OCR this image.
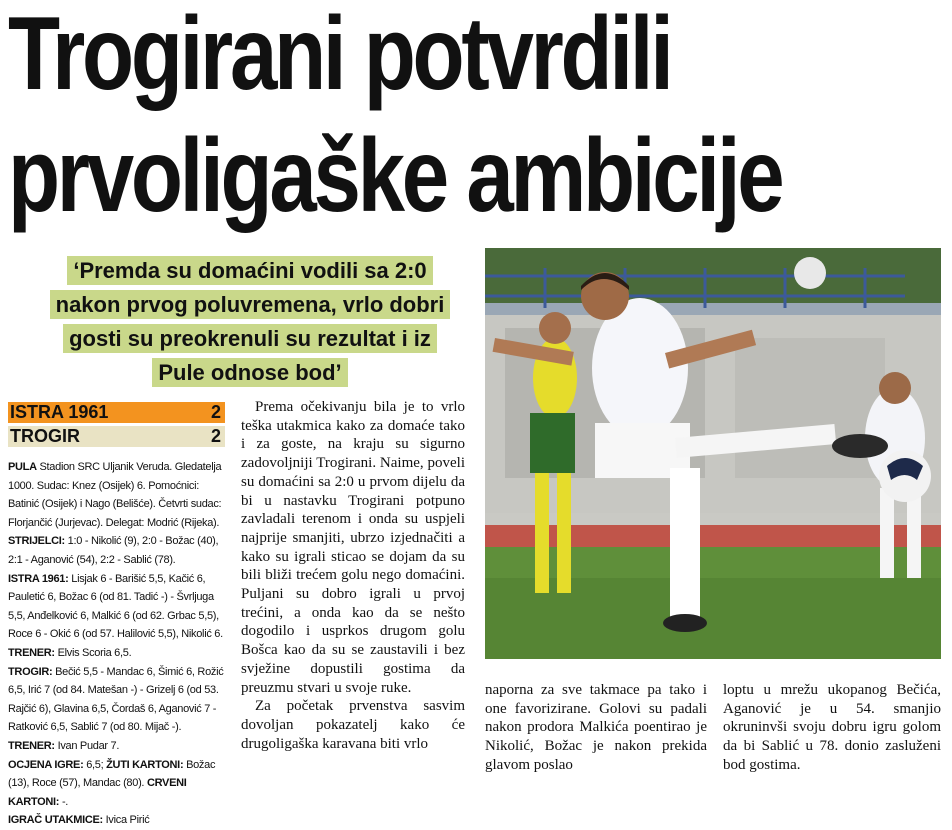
Trogirani potvrdili
prvoligaške ambicije
‘Premda su domaćini vodili sa 2:0 nakon prvog poluvremena, vrlo dobri gosti su preokrenuli su rezultat i iz Pule odnose bod’
ISTRA 1961	2
TROGIR	2

PULA Stadion SRC Uljanik Veruda. Gledatelja 1000. Sudac: Knez (Osijek) 6. Pomoćnici: Batinić (Osijek) i Nago (Belišće). Četvrti sudac: Florjančić (Jurjevac). Delegat: Modrić (Rijeka).

STRIJELCI: 1:0 - Nikolić (9), 2:0 - Božac (40), 2:1 - Aganović (54), 2:2 - Sablić (78).

ISTRA 1961: Lisjak 6 - Barišić 5,5, Kačić 6, Pauletić 6, Božac 6 (od 81. Tadić -) - Švrljuga 5,5, Anđelković 6, Malkić 6 (od 62. Grbac 5,5), Roce 6 - Okić 6 (od 57. Halilović 5,5), Nikolić 6. TRENER: Elvis Scoria 6,5.

TROGIR: Bečić 5,5 - Mandac 6, Šimić 6, Rožić 6,5, Irić 7 (od 84. Matešan -) - Grizelj 6 (od 53. Rajčić 6), Glavina 6,5, Čordaš 6, Aganović 7 - Ratković 6,5, Sablić 7 (od 80. Mijač -). TRENER: Ivan Pudar 7.

OCJENA IGRE: 6,5; ŽUTI KARTONI: Božac (13), Roce (57), Mandac (80). CRVENI KARTONI: -.

IGRAČ UTAKMICE: Ivica Pirić

Prema očekivanju bila je to vrlo teška utakmica kako za domaće tako i za goste, na kraju su sigurno zadovoljniji Trogirani. Naime, poveli su domaćini sa 2:0 u prvom dijelu da bi u nastavku Trogirani potpuno zavladali terenom i onda su uspjeli najprije smanjiti, ubrzo izjednačiti a kako su igrali sticao se dojam da su bili bliži trećem golu nego domaćini. Puljani su dobro igrali u prvoj trećini, a onda kao da se nešto dogodilo i usprkos drugom golu Bošca kao da su se zaustavili i bez svježine dopustili gostima da preuzmu stvari u svoje ruke.

Za početak prvenstva sasvim dovoljan pokazatelj kako će drugoligaška karavana biti vrlo

naporna za sve takmace pa tako i one favorizirane. Golovi su padali nakon prodora Malkića poentirao je Nikolić, Božac je nakon prekida glavom poslao
loptu u mrežu ukopanog Bečića, Aganović je u 54. smanjio okruninvši svoju dobru igru golom da bi Sablić u 78. donio zasluženi bod gostima.
